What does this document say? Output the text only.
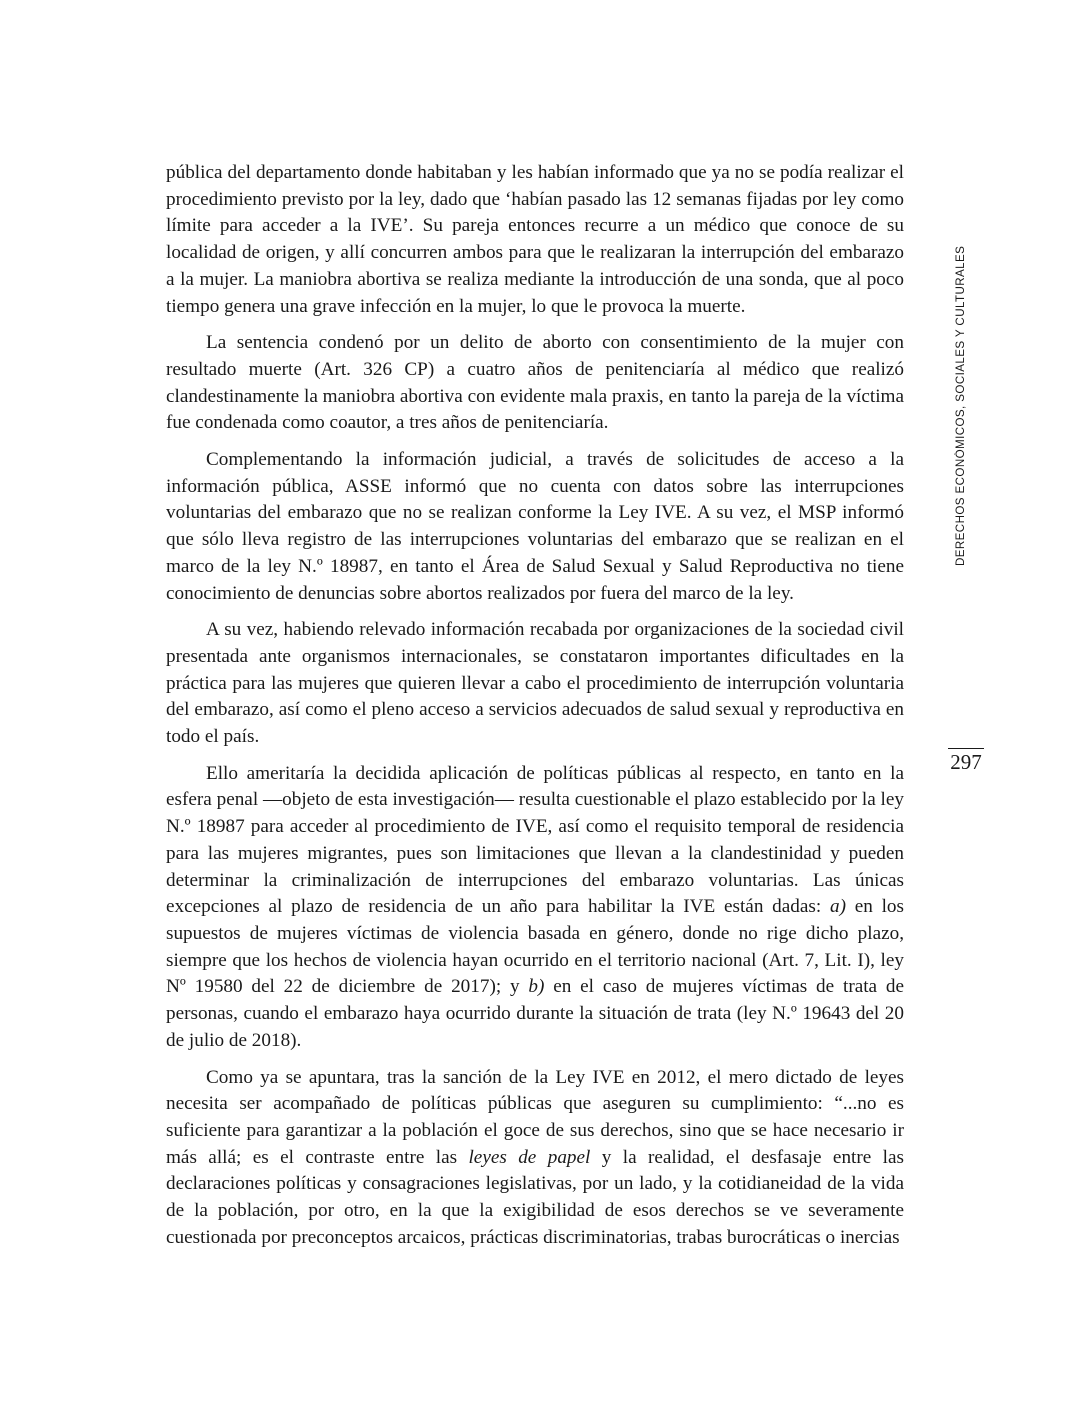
pública del departamento donde habitaban y les habían informado que ya no se podía realizar el procedimiento previsto por la ley, dado que ‘habían pasado las 12 semanas fijadas por ley como límite para acceder a la IVE’. Su pareja entonces recurre a un médico que conoce de su localidad de origen, y allí concurren ambos para que le realizaran la interrupción del embarazo a la mujer. La maniobra abortiva se realiza mediante la introducción de una sonda, que al poco tiempo genera una grave infección en la mujer, lo que le provoca la muerte.

La sentencia condenó por un delito de aborto con consentimiento de la mujer con resultado muerte (Art. 326 CP) a cuatro años de penitenciaría al médico que realizó clandestinamente la maniobra abortiva con evidente mala praxis, en tanto la pareja de la víctima fue condenada como coautor, a tres años de penitenciaría.

Complementando la información judicial, a través de solicitudes de acceso a la información pública, ASSE informó que no cuenta con datos sobre las interrupciones voluntarias del embarazo que no se realizan conforme la Ley IVE. A su vez, el MSP informó que sólo lleva registro de las interrupciones voluntarias del embarazo que se realizan en el marco de la ley N.º 18987, en tanto el Área de Salud Sexual y Salud Reproductiva no tiene conocimiento de denuncias sobre abortos realizados por fuera del marco de la ley.

A su vez, habiendo relevado información recabada por organizaciones de la sociedad civil presentada ante organismos internacionales, se constataron importantes dificultades en la práctica para las mujeres que quieren llevar a cabo el procedimiento de interrupción voluntaria del embarazo, así como el pleno acceso a servicios adecuados de salud sexual y reproductiva en todo el país.

Ello ameritaría la decidida aplicación de políticas públicas al respecto, en tanto en la esfera penal —objeto de esta investigación— resulta cuestionable el plazo establecido por la ley N.º 18987 para acceder al procedimiento de IVE, así como el requisito temporal de residencia para las mujeres migrantes, pues son limitaciones que llevan a la clandestinidad y pueden determinar la criminalización de interrupciones del embarazo voluntarias. Las únicas excepciones al plazo de residencia de un año para habilitar la IVE están dadas: a) en los supuestos de mujeres víctimas de violencia basada en género, donde no rige dicho plazo, siempre que los hechos de violencia hayan ocurrido en el territorio nacional (Art. 7, Lit. I), ley Nº 19580 del 22 de diciembre de 2017); y b) en el caso de mujeres víctimas de trata de personas, cuando el embarazo haya ocurrido durante la situación de trata (ley N.º 19643 del 20 de julio de 2018).

Como ya se apuntara, tras la sanción de la Ley IVE en 2012, el mero dictado de leyes necesita ser acompañado de políticas públicas que aseguren su cumplimiento: “...no es suficiente para garantizar a la población el goce de sus derechos, sino que se hace necesario ir más allá; es el contraste entre las leyes de papel y la realidad, el desfasaje entre las declaraciones políticas y consagraciones legislativas, por un lado, y la cotidianeidad de la vida de la población, por otro, en la que la exigibilidad de esos derechos se ve severamente cuestionada por preconceptos arcaicos, prácticas discriminatorias, trabas burocráticas o inercias

DERECHOS ECONÓMICOS, SOCIALES Y CULTURALES
297
